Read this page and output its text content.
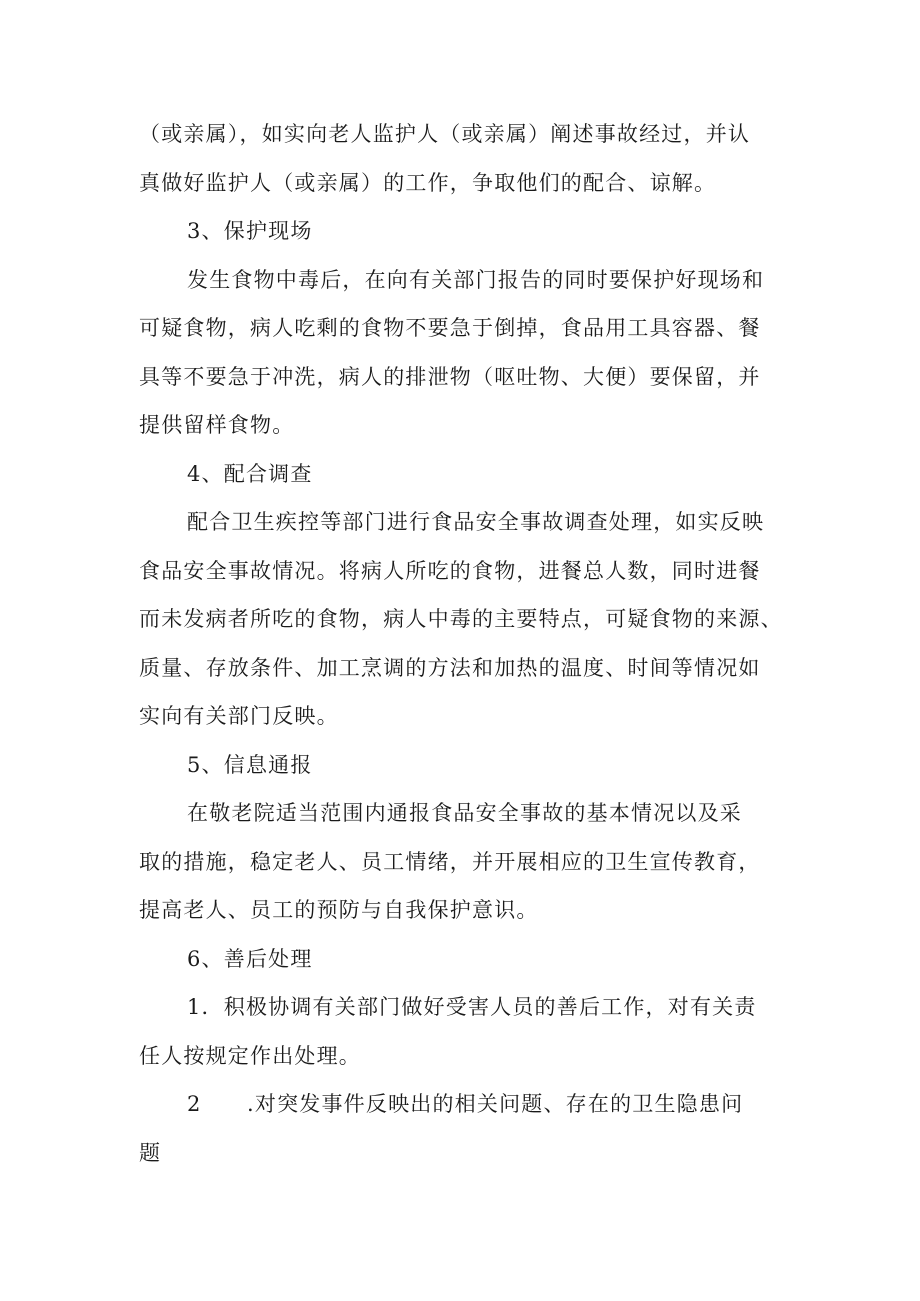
（或亲属），如实向老人监护人（或亲属）阐述事故经过，并认
真做好监护人（或亲属）的工作，争取他们的配合、谅解。
3、保护现场
发生食物中毒后，在向有关部门报告的同时要保护好现场和
可疑食物，病人吃剩的食物不要急于倒掉，食品用工具容器、餐
具等不要急于冲洗，病人的排泄物（呕吐物、大便）要保留，并
提供留样食物。
4、配合调查
配合卫生疾控等部门进行食品安全事故调查处理，如实反映
食品安全事故情况。将病人所吃的食物，进餐总人数，同时进餐
而未发病者所吃的食物，病人中毒的主要特点，可疑食物的来源、
质量、存放条件、加工烹调的方法和加热的温度、时间等情况如
实向有关部门反映。
5、信息通报
在敬老院适当范围内通报食品安全事故的基本情况以及采
取的措施，稳定老人、员工情绪，并开展相应的卫生宣传教育，
提高老人、员工的预防与自我保护意识。
6、善后处理
1．积极协调有关部门做好受害人员的善后工作，对有关责
任人按规定作出处理。
2 .对突发事件反映出的相关问题、存在的卫生隐患问
题
